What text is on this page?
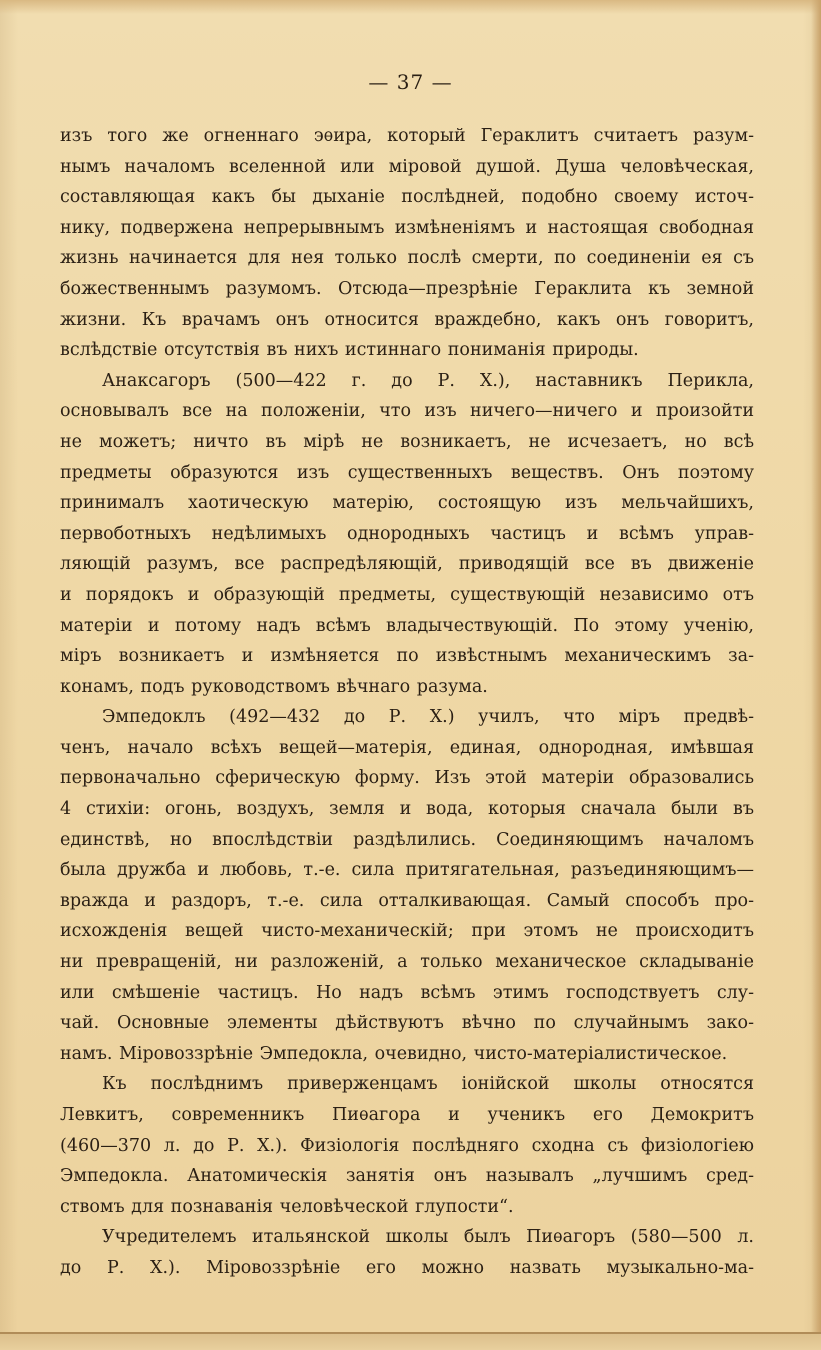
— 37 —
изъ того же огненнаго эѳира, который Гераклитъ считаетъ разум-
нымъ началомъ вселенной или міровой душой. Душа человѣческая,
составляющая какъ бы дыханіе послѣдней, подобно своему источ-
нику, подвержена непрерывнымъ измѣненіямъ и настоящая свободная
жизнь начинается для нея только послѣ смерти, по соединеніи ея съ
божественнымъ разумомъ. Отсюда—презрѣніе Гераклита къ земной
жизни. Къ врачамъ онъ относится враждебно, какъ онъ говоритъ,
вслѣдствіе отсутствія въ нихъ истиннаго пониманія природы.
Анаксагоръ (500—422 г. до Р. Х.), наставникъ Перикла,
основывалъ все на положеніи, что изъ ничего—ничего и произойти
не можетъ; ничто въ мірѣ не возникаетъ, не исчезаетъ, но всѣ
предметы образуются изъ существенныхъ веществъ. Онъ поэтому
принималъ хаотическую матерію, состоящую изъ мельчайшихъ,
первоботныхъ недѣлимыхъ однородныхъ частицъ и всѣмъ управ-
ляющій разумъ, все распредѣляющій, приводящій все въ движеніе
и порядокъ и образующій предметы, существующій независимо отъ
матеріи и потому надъ всѣмъ владычествующій. По этому ученію,
міръ возникаетъ и измѣняется по извѣстнымъ механическимъ за-
конамъ, подъ руководствомъ вѣчнаго разума.
Эмпедоклъ (492—432 до Р. Х.) училъ, что міръ предвѣ-
ченъ, начало всѣхъ вещей—матерія, единая, однородная, имѣвшая
первоначально сферическую форму. Изъ этой матеріи образовались
4 стихіи: огонь, воздухъ, земля и вода, которыя сначала были въ
единствѣ, но впослѣдствіи раздѣлились. Соединяющимъ началомъ
была дружба и любовь, т.-е. сила притягательная, разъединяющимъ—
вражда и раздоръ, т.-е. сила отталкивающая. Самый способъ про-
исхожденія вещей чисто-механическій; при этомъ не происходитъ
ни превращеній, ни разложеній, а только механическое складываніе
или смѣшеніе частицъ. Но надъ всѣмъ этимъ господствуетъ слу-
чай. Основные элементы дѣйствуютъ вѣчно по случайнымъ зако-
намъ. Міровоззрѣніе Эмпедокла, очевидно, чисто-матеріалистическое.
Къ послѣднимъ приверженцамъ іонійской школы относятся
Левкитъ, современникъ Пиѳагора и ученикъ его Демокритъ
(460—370 л. до Р. Х.). Физіологія послѣдняго сходна съ физіологіею
Эмпедокла. Анатомическія занятія онъ называлъ „лучшимъ сред-
ствомъ для познаванія человѣческой глупости“.
Учредителемъ итальянской школы былъ Пиѳагоръ (580—500 л.
до Р. Х.). Міровоззрѣніе его можно назвать музыкально-ма-
